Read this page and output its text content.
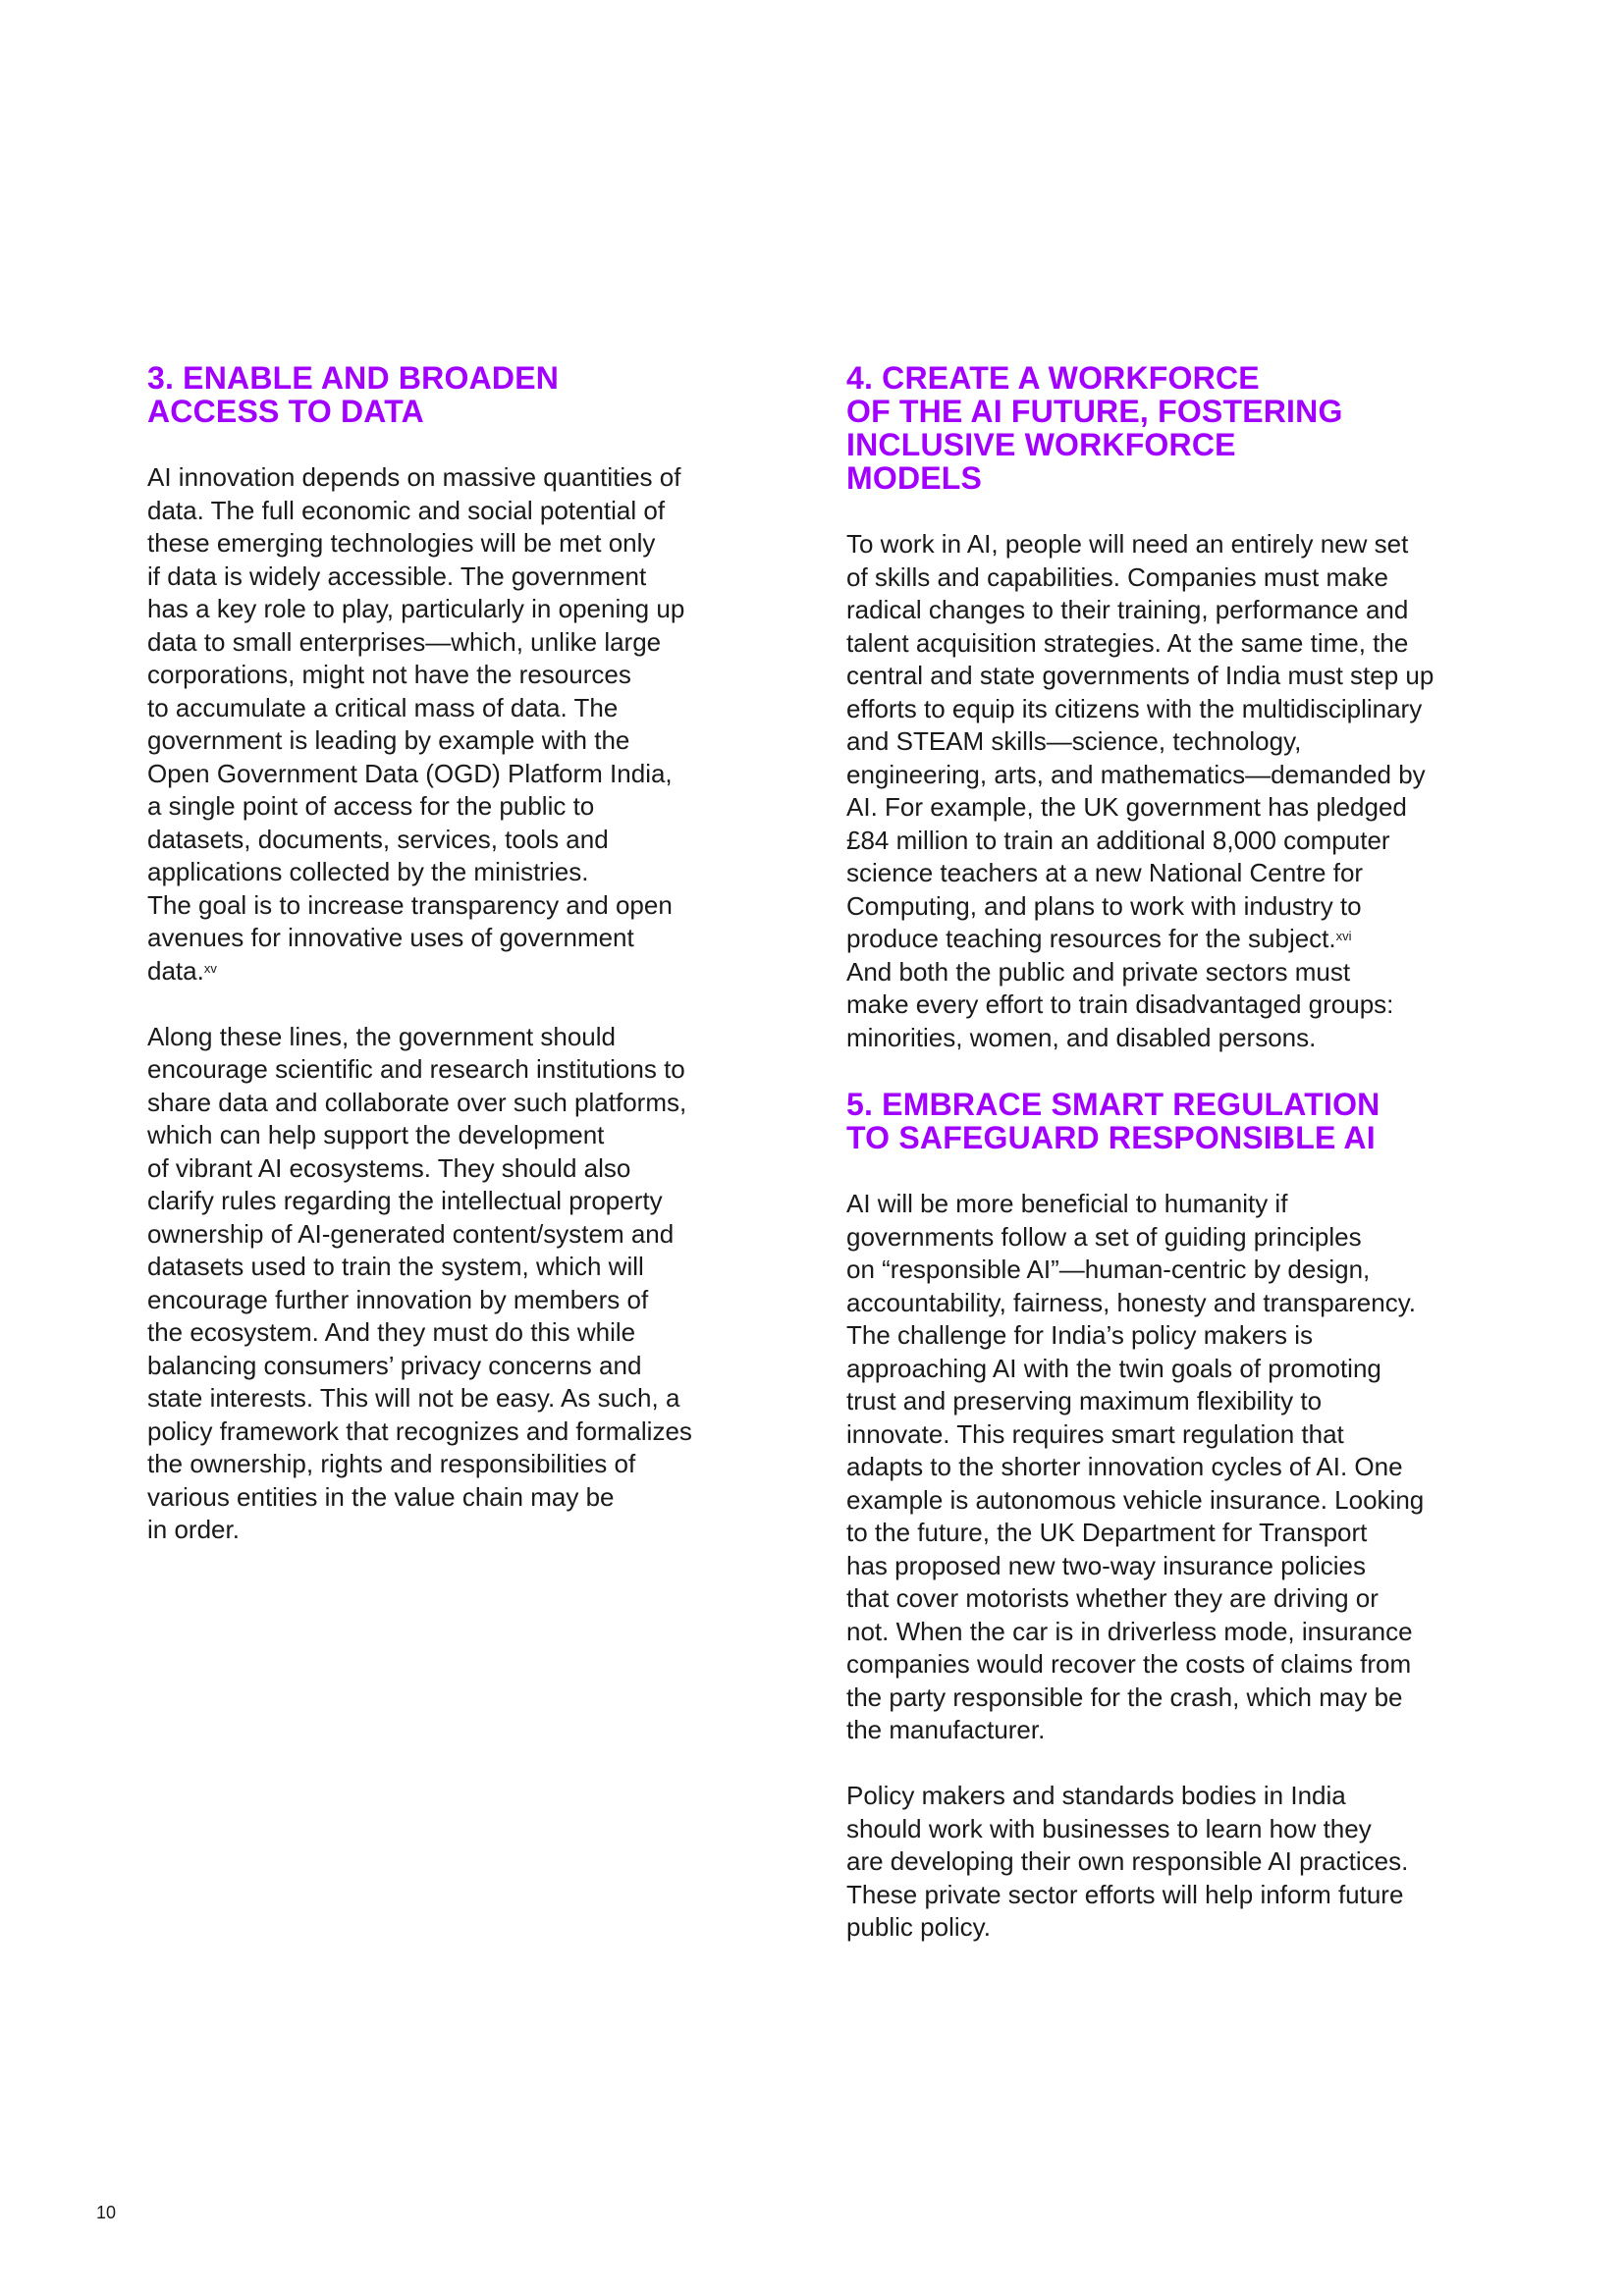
3. ENABLE AND BROADEN
ACCESS TO DATA

AI innovation depends on massive quantities of
data. The full economic and social potential of
these emerging technologies will be met only
if data is widely accessible. The government
has a key role to play, particularly in opening up
data to small enterprises—which, unlike large
corporations, might not have the resources
to accumulate a critical mass of data. The
government is leading by example with the
Open Government Data (OGD) Platform India,
a single point of access for the public to
datasets, documents, services, tools and
applications collected by the ministries.
The goal is to increase transparency and open
avenues for innovative uses of government
data.$^{xv}$

Along these lines, the government should
encourage scientific and research institutions to
share data and collaborate over such platforms,
which can help support the development
of vibrant AI ecosystems. They should also
clarify rules regarding the intellectual property
ownership of AI-generated content/system and
datasets used to train the system, which will
encourage further innovation by members of
the ecosystem. And they must do this while
balancing consumers’ privacy concerns and
state interests. This will not be easy. As such, a
policy framework that recognizes and formalizes
the ownership, rights and responsibilities of
various entities in the value chain may be
in order.

4. CREATE A WORKFORCE
OF THE AI FUTURE, FOSTERING
INCLUSIVE WORKFORCE
MODELS

To work in AI, people will need an entirely new set
of skills and capabilities. Companies must make
radical changes to their training, performance and
talent acquisition strategies. At the same time, the
central and state governments of India must step up
efforts to equip its citizens with the multidisciplinary
and STEAM skills—science, technology,
engineering, arts, and mathematics—demanded by
AI. For example, the UK government has pledged
£84 million to train an additional 8,000 computer
science teachers at a new National Centre for
Computing, and plans to work with industry to
produce teaching resources for the subject.$^{xvi}$
And both the public and private sectors must
make every effort to train disadvantaged groups:
minorities, women, and disabled persons.

5. EMBRACE SMART REGULATION
TO SAFEGUARD RESPONSIBLE AI

AI will be more beneficial to humanity if
governments follow a set of guiding principles
on “responsible AI”—human-centric by design,
accountability, fairness, honesty and transparency.
The challenge for India’s policy makers is
approaching AI with the twin goals of promoting
trust and preserving maximum flexibility to
innovate. This requires smart regulation that
adapts to the shorter innovation cycles of AI. One
example is autonomous vehicle insurance. Looking
to the future, the UK Department for Transport
has proposed new two-way insurance policies
that cover motorists whether they are driving or
not. When the car is in driverless mode, insurance
companies would recover the costs of claims from
the party responsible for the crash, which may be
the manufacturer.

Policy makers and standards bodies in India
should work with businesses to learn how they
are developing their own responsible AI practices.
These private sector efforts will help inform future
public policy.

10
